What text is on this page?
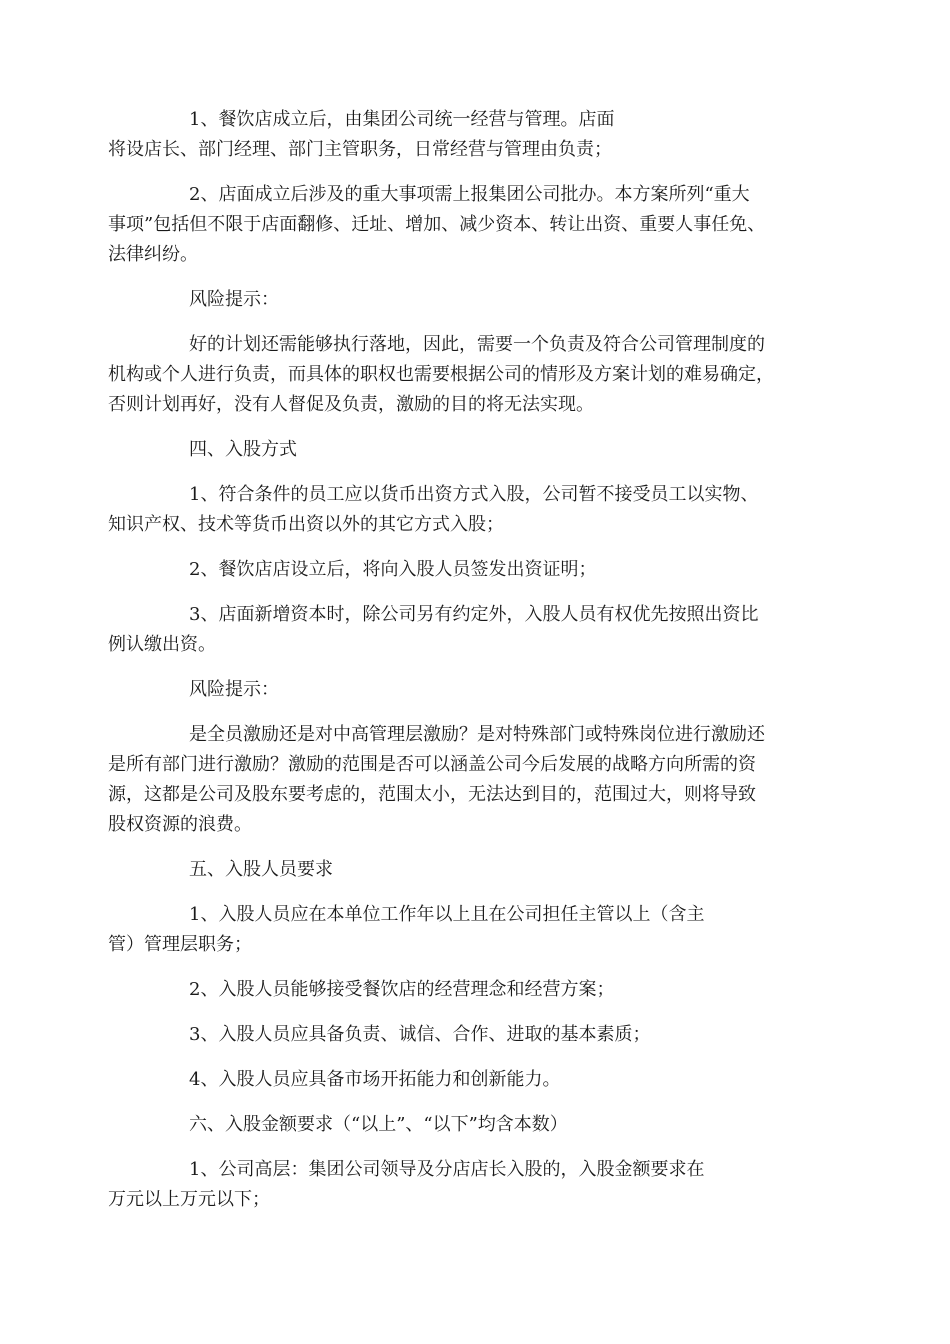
1、餐饮店成立后，由集团公司统一经营与管理。店面
将设店长、部门经理、部门主管职务，日常经营与管理由负责；

2、店面成立后涉及的重大事项需上报集团公司批办。本方案所列“重大
事项”包括但不限于店面翻修、迁址、增加、减少资本、转让出资、重要人事任免、
法律纠纷。

风险提示：

好的计划还需能够执行落地，因此，需要一个负责及符合公司管理制度的
机构或个人进行负责，而具体的职权也需要根据公司的情形及方案计划的难易确定，
否则计划再好，没有人督促及负责，激励的目的将无法实现。

四、入股方式

1、符合条件的员工应以货币出资方式入股，公司暂不接受员工以实物、
知识产权、技术等货币出资以外的其它方式入股；

2、餐饮店店设立后，将向入股人员签发出资证明；

3、店面新增资本时，除公司另有约定外，入股人员有权优先按照出资比
例认缴出资。

风险提示：

是全员激励还是对中高管理层激励？是对特殊部门或特殊岗位进行激励还
是所有部门进行激励？激励的范围是否可以涵盖公司今后发展的战略方向所需的资
源，这都是公司及股东要考虑的，范围太小，无法达到目的，范围过大，则将导致
股权资源的浪费。

五、入股人员要求

1、入股人员应在本单位工作年以上且在公司担任主管以上（含主
管）管理层职务；

2、入股人员能够接受餐饮店的经营理念和经营方案；

3、入股人员应具备负责、诚信、合作、进取的基本素质；

4、入股人员应具备市场开拓能力和创新能力。

六、入股金额要求（“以上”、“以下”均含本数）

1、公司高层：集团公司领导及分店店长入股的，入股金额要求在
万元以上万元以下；
